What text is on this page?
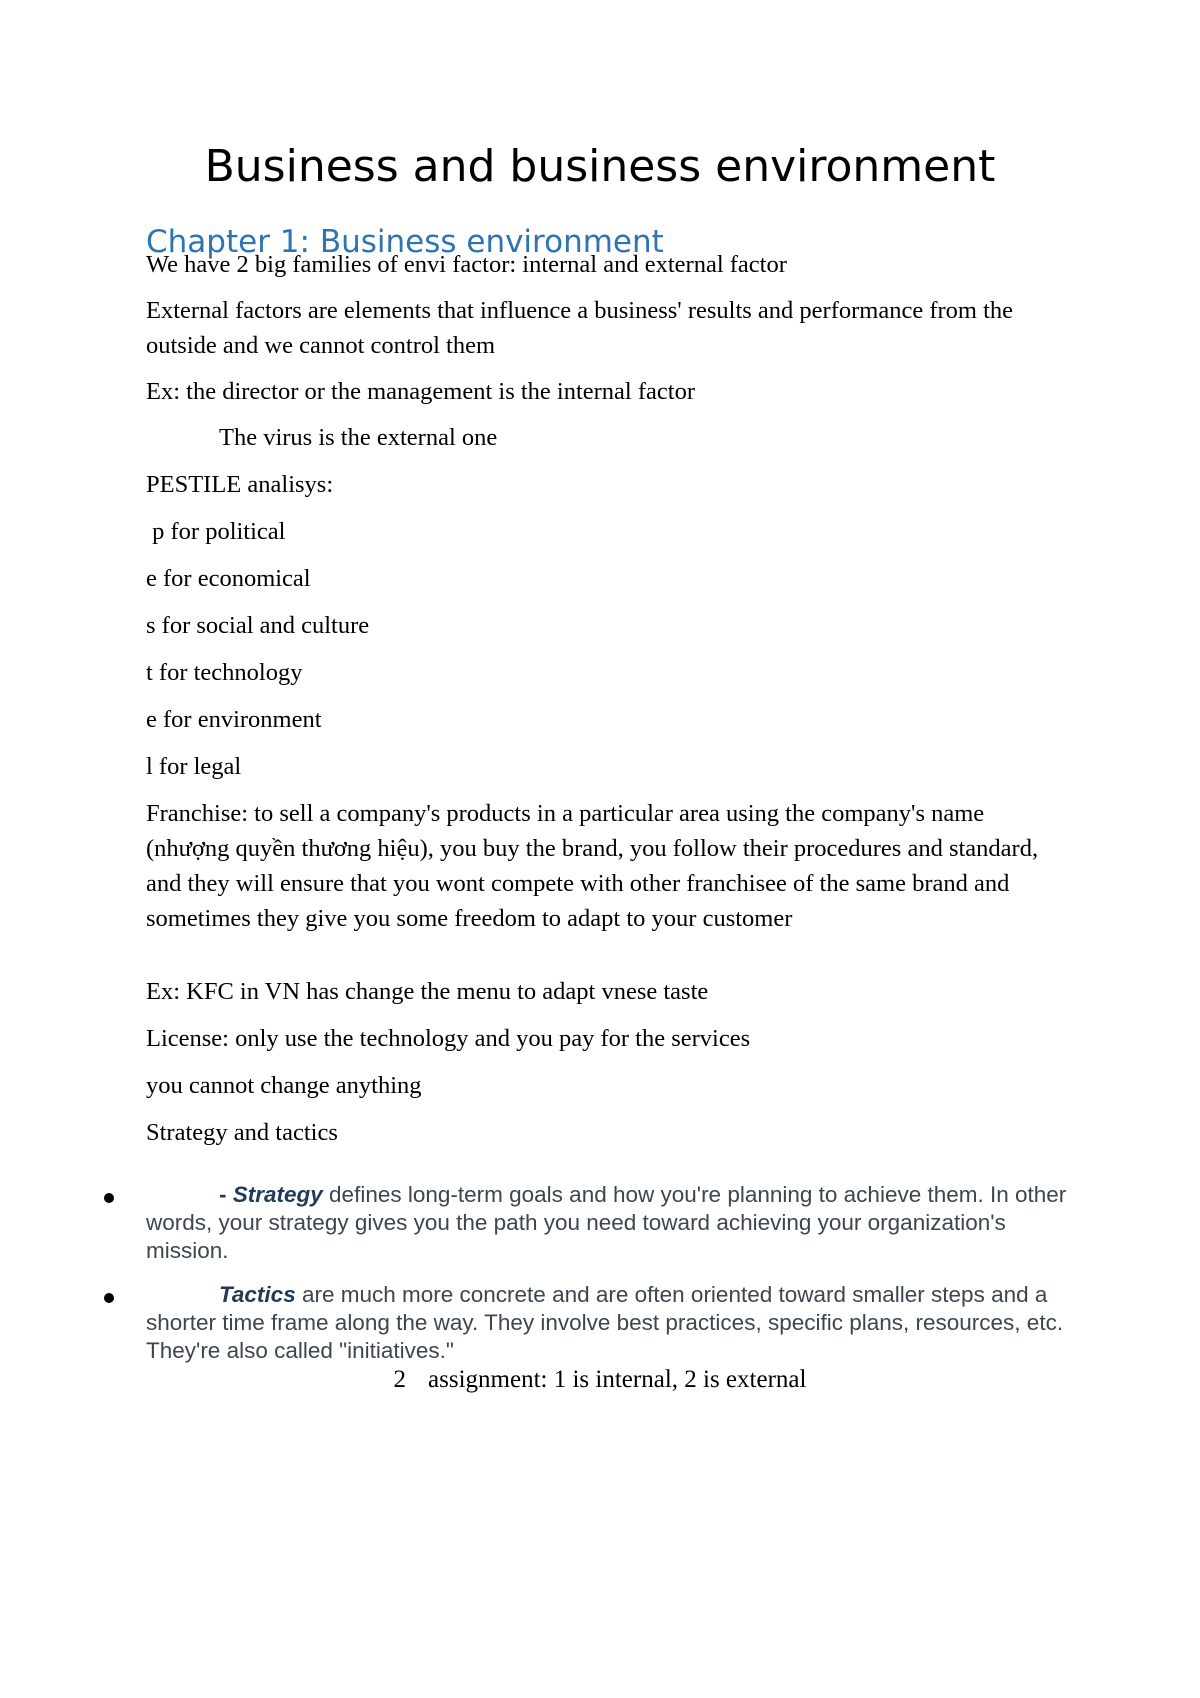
Business and business environment
Chapter 1: Business environment

We have 2 big families of envi factor: internal and external factor

External factors are elements that influence a business' results and performance from the outside and we cannot control them

Ex: the director or the management is the internal factor

The virus is the external one

PESTILE analisys:

p for political

e for economical

s for social and culture

t for technology

e for environment

l for legal

Franchise: to sell a company's products in a particular area using the company's name (nhượng quyền thương hiệu), you buy the brand, you follow their procedures and standard, and they will ensure that you wont compete with other franchisee of the same brand and sometimes they give you some freedom to adapt to your customer

Ex: KFC in VN has change the menu to adapt vnese taste

License: only use the technology and you pay for the services

you cannot change anything

Strategy and tactics

- Strategy defines long-term goals and how you're planning to achieve them. In other words, your strategy gives you the path you need toward achieving your organization's mission.

Tactics are much more concrete and are often oriented toward smaller steps and a shorter time frame along the way. They involve best practices, specific plans, resources, etc. They're also called "initiatives."

2 assignment: 1 is internal, 2 is external
